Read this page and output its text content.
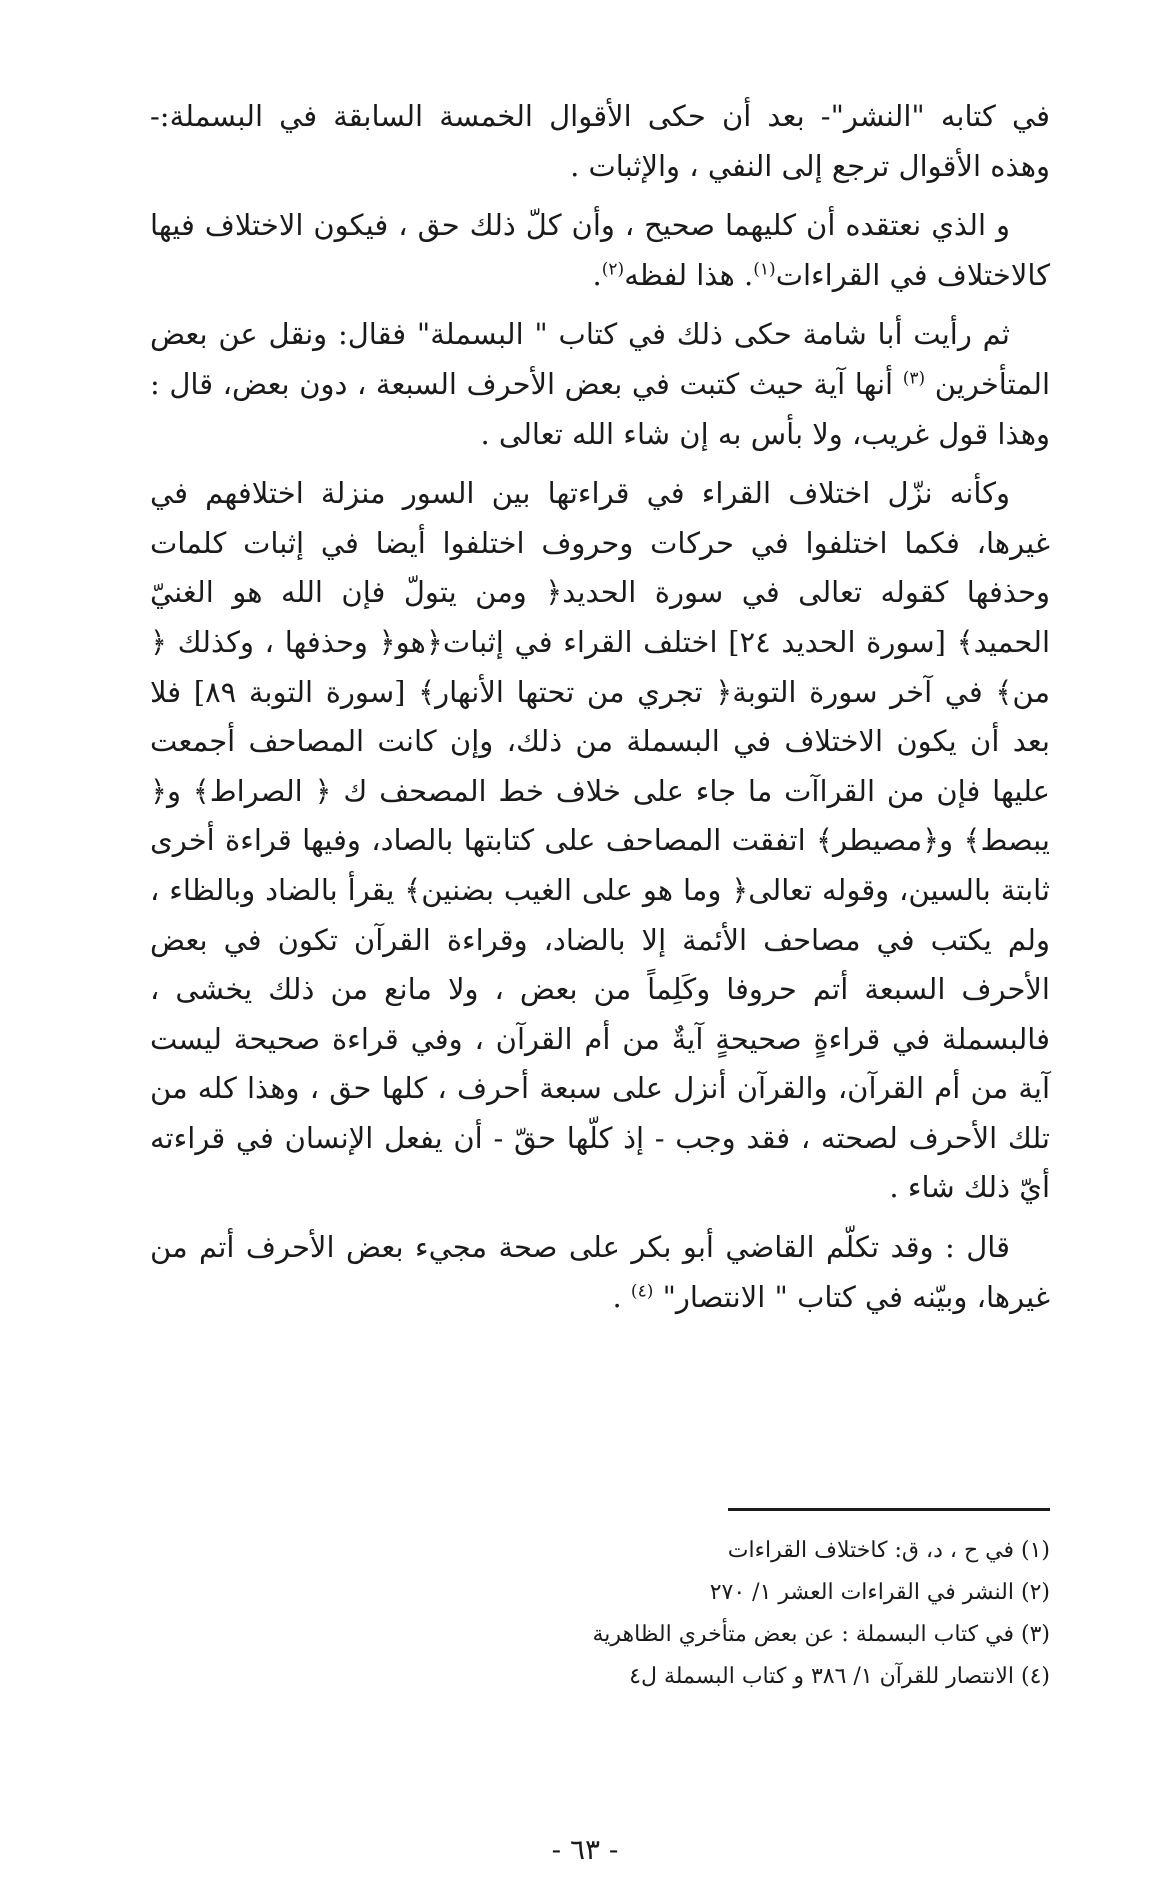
في كتابه "النشر"- بعد أن حكى الأقوال الخمسة السابقة في البسملة:- وهذه الأقوال ترجع إلى النفي ، والإثبات .

و الذي نعتقده أن كليهما صحيح ، وأن كلّ ذلك حق ، فيكون الاختلاف فيها كالاختلاف في القراءات$^{(١)}$. هذا لفظه$^{(٢)}$.

ثم رأيت أبا شامة حكى ذلك في كتاب " البسملة" فقال: ونقل عن بعض المتأخرين $^{(٣)}$ أنها آية حيث كتبت في بعض الأحرف السبعة ، دون بعض، قال : وهذا قول غريب، ولا بأس به إن شاء الله تعالى .

وكأنه نزّل اختلاف القراء في قراءتها بين السور منزلة اختلافهم في غيرها، فكما اختلفوا في حركات وحروف اختلفوا أيضا في إثبات كلمات وحذفها كقوله تعالى في سورة الحديد﴿ ومن يتولّ فإن الله هو الغنيّ الحميد﴾ [سورة الحديد ٢٤] اختلف القراء في إثبات﴿هو﴿ وحذفها ، وكذلك ﴿ من﴾ في آخر سورة التوبة﴿ تجري من تحتها الأنهار﴾ [سورة التوبة ٨٩] فلا بعد أن يكون الاختلاف في البسملة من ذلك، وإن كانت المصاحف أجمعت عليها فإن من القراآت ما جاء على خلاف خط المصحف ك ﴿ الصراط﴾ و﴿ يبصط﴾ و﴿مصيطر﴾ اتفقت المصاحف على كتابتها بالصاد، وفيها قراءة أخرى ثابتة بالسين، وقوله تعالى﴿ وما هو على الغيب بضنين﴾ يقرأ بالضاد وبالظاء ، ولم يكتب في مصاحف الأئمة إلا بالضاد، وقراءة القرآن تكون في بعض الأحرف السبعة أتم حروفا وكَلِماً من بعض ، ولا مانع من ذلك يخشى ، فالبسملة في قراءةٍ صحيحةٍ آيةٌ من أم القرآن ، وفي قراءة صحيحة ليست آية من أم القرآن، والقرآن أنزل على سبعة أحرف ، كلها حق ، وهذا كله من تلك الأحرف لصحته ، فقد وجب - إذ كلّها حقّ - أن يفعل الإنسان في قراءته أيّ ذلك شاء .

قال : وقد تكلّم القاضي أبو بكر على صحة مجيء بعض الأحرف أتم من غيرها، وبيّنه في كتاب " الانتصار" $^{(٤)}$ .

(١) في ح ، د، ق: كاختلاف القراءات
(٢) النشر في القراءات العشر ١/ ٢٧٠
(٣) في كتاب البسملة : عن بعض متأخري الظاهرية
(٤) الانتصار للقرآن ١/ ٣٨٦ و كتاب البسملة ل٤
- ٦٣ -
